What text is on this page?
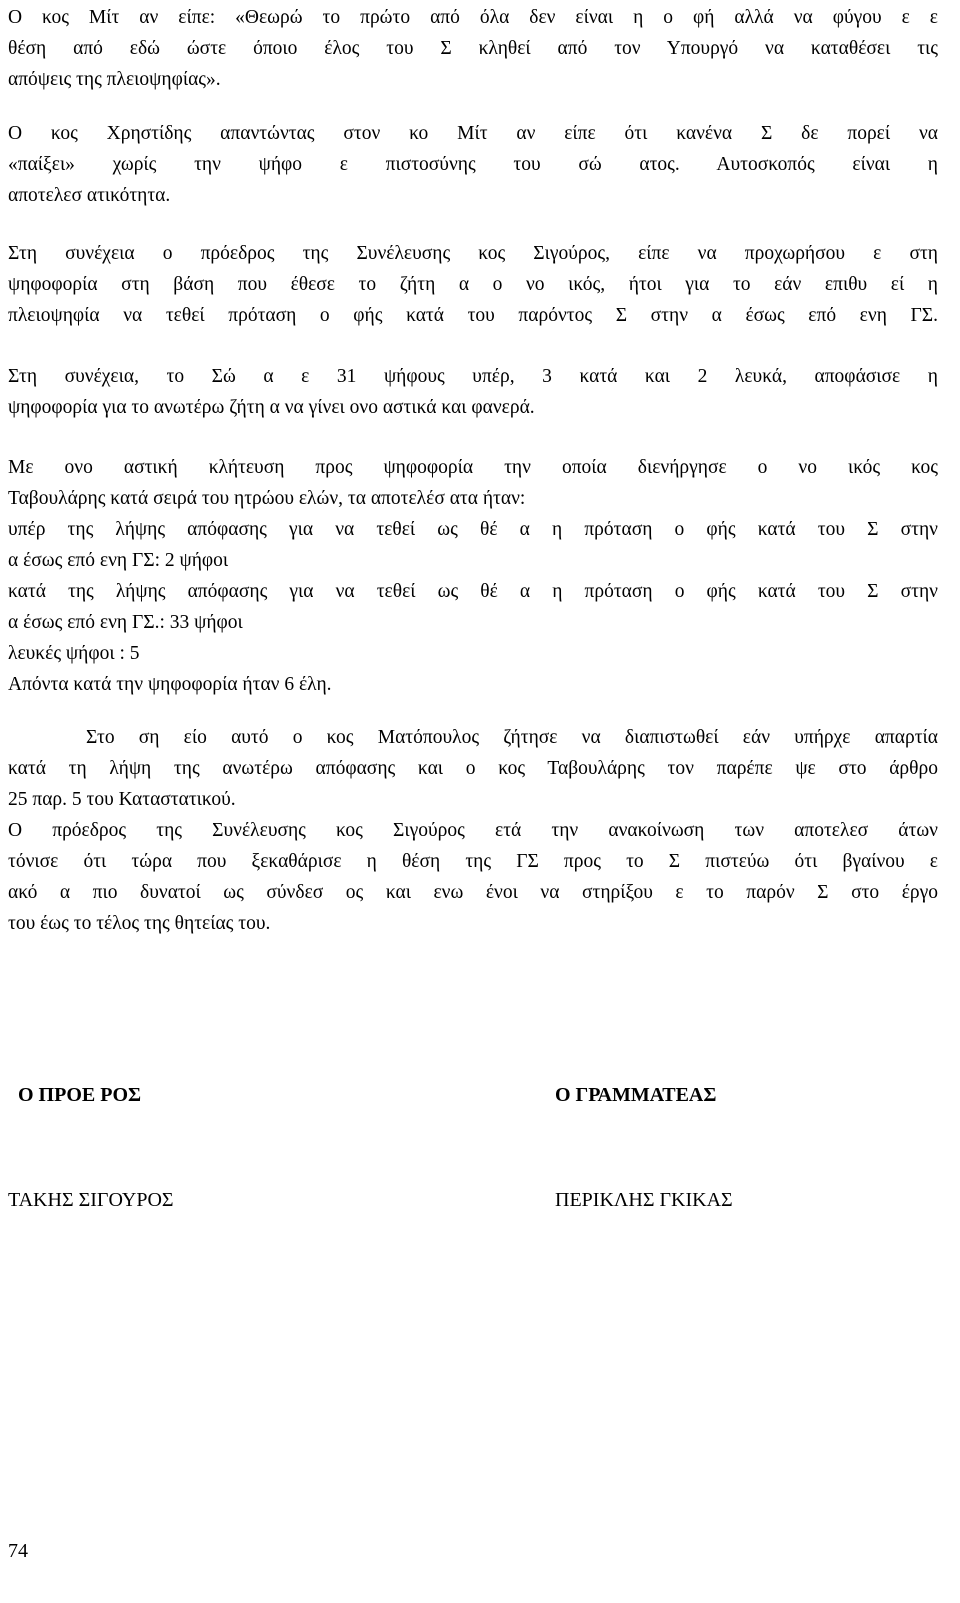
Ο κος Μίτ αν είπε: «Θεωρώ το πρώτο από όλα δεν είναι η ο φή αλλά να φύγου ε ε
θέση από εδώ ώστε όποιο έλος του Σ κληθεί από τον Υπουργό να καταθέσει τις
απόψεις της πλειοψηφίας».
Ο κος Χρηστίδης απαντώντας στον κο Μίτ αν είπε ότι κανένα Σ δε πορεί να
«παίξει» χωρίς την ψήφο ε πιστοσύνης του σώ ατος. Αυτοσκοπός είναι η
αποτελεσ ατικότητα.
Στη συνέχεια ο πρόεδρος της Συνέλευσης κος Σιγούρος, είπε να προχωρήσου ε στη
ψηφοφορία στη βάση που έθεσε το ζήτη α ο νο ικός, ήτοι για το εάν επιθυ εί η
πλειοψηφία να τεθεί πρόταση ο φής κατά του παρόντος Σ στην α έσως επό ενη ΓΣ.
Στη συνέχεια, το Σώ α ε 31 ψήφους υπέρ, 3 κατά και 2 λευκά, αποφάσισε η
ψηφοφορία για το ανωτέρω ζήτη α να γίνει ονο αστικά και φανερά.
Με ονο αστική κλήτευση προς ψηφοφορία την οποία διενήργησε ο νο ικός κος
Ταβουλάρης κατά σειρά του ητρώου ελών, τα αποτελέσ ατα ήταν:
υπέρ της λήψης απόφασης για να τεθεί ως θέ α η πρόταση ο φής κατά του Σ στην
α έσως επό ενη ΓΣ: 2 ψήφοι
κατά της λήψης απόφασης για να τεθεί ως θέ α η πρόταση ο φής κατά του Σ στην
α έσως επό ενη ΓΣ.: 33 ψήφοι
λευκές ψήφοι : 5
Απόντα κατά την ψηφοφορία ήταν 6 έλη.
Στο ση είο αυτό ο κος Ματόπουλος ζήτησε να διαπιστωθεί εάν υπήρχε απαρτία
κατά τη λήψη της ανωτέρω απόφασης και ο κος Ταβουλάρης τον παρέπε ψε στο άρθρο
25 παρ. 5 του Καταστατικού.
Ο πρόεδρος της Συνέλευσης κος Σιγούρος ετά την ανακοίνωση των αποτελεσ άτων
τόνισε ότι τώρα που ξεκαθάρισε η θέση της ΓΣ προς το Σ πιστεύω ότι βγαίνου ε
ακό α πιο δυνατοί ως σύνδεσ ος και ενω ένοι να στηρίξου ε το παρόν Σ στο έργο
του έως το τέλος της θητείας του.
Ο ΠΡΟΕ ΡΟΣ	Ο ΓΡΑΜΜΑΤΕΑΣ
ΤΑΚΗΣ ΣΙΓΟΥΡΟΣ	ΠΕΡΙΚΛΗΣ ΓΚΙΚΑΣ
74
